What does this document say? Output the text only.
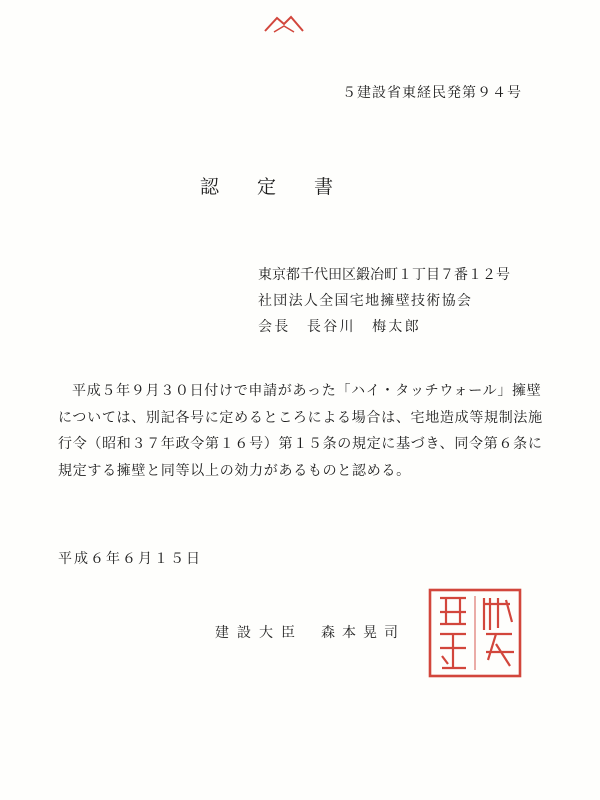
５建設省東経民発第９４号
認 定 書
東京都千代田区鍛冶町１丁目７番１２号
社団法人全国宅地擁壁技術協会
会長　長谷川　梅太郎
平成５年９月３０日付けで申請があった「ハイ・タッチウォール」擁壁
については、別記各号に定めるところによる場合は、宅地造成等規制法施
行令（昭和３７年政令第１６号）第１５条の規定に基づき、同令第６条に
規定する擁壁と同等以上の効力があるものと認める。
平成６年６月１５日
建設大臣 森本晃司
